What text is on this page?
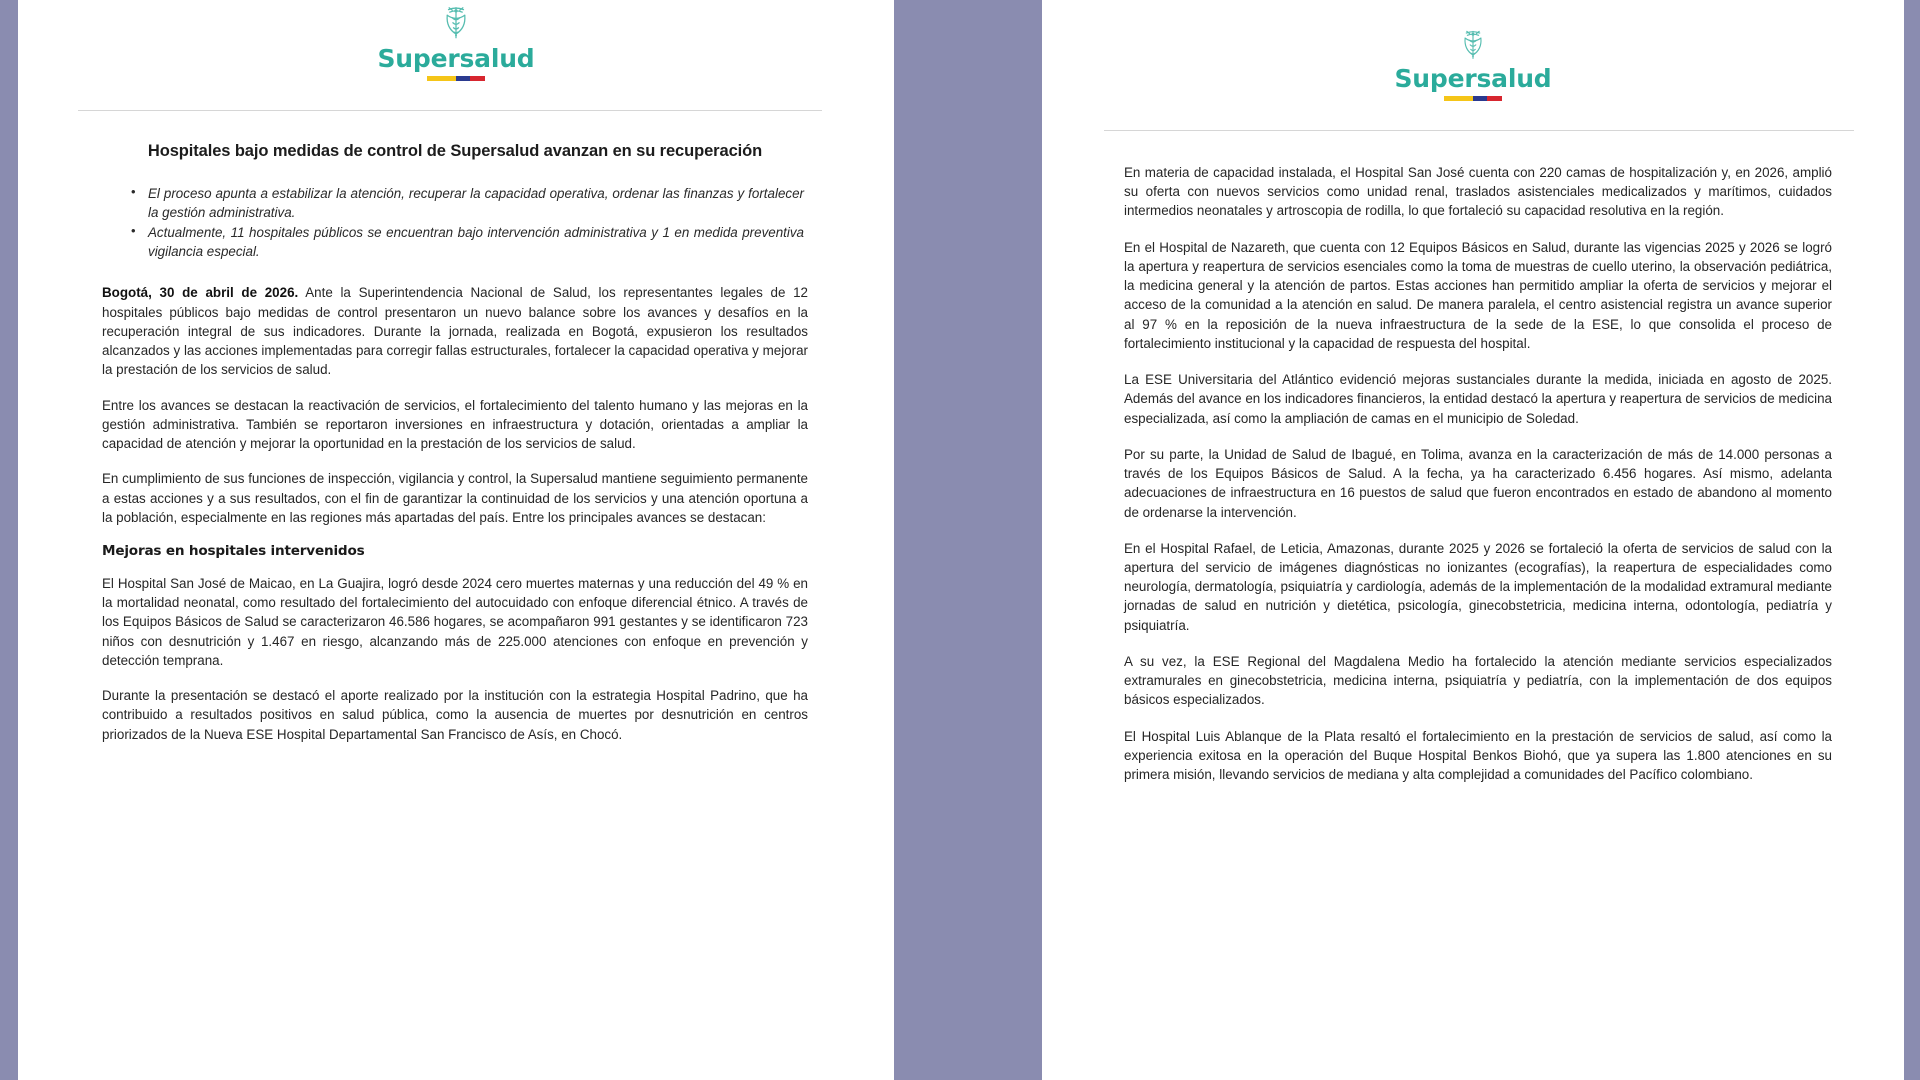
Supersalud
Hospitales bajo medidas de control de Supersalud avanzan en su recuperación
• El proceso apunta a estabilizar la atención, recuperar la capacidad operativa, ordenar las finanzas y fortalecer la gestión administrativa.
• Actualmente, 11 hospitales públicos se encuentran bajo intervención administrativa y 1 en medida preventiva vigilancia especial.

Bogotá, 30 de abril de 2026. Ante la Superintendencia Nacional de Salud, los representantes legales de 12 hospitales públicos bajo medidas de control presentaron un nuevo balance sobre los avances y desafíos en la recuperación integral de sus indicadores. Durante la jornada, realizada en Bogotá, expusieron los resultados alcanzados y las acciones implementadas para corregir fallas estructurales, fortalecer la capacidad operativa y mejorar la prestación de los servicios de salud.

Entre los avances se destacan la reactivación de servicios, el fortalecimiento del talento humano y las mejoras en la gestión administrativa. También se reportaron inversiones en infraestructura y dotación, orientadas a ampliar la capacidad de atención y mejorar la oportunidad en la prestación de los servicios de salud.

En cumplimiento de sus funciones de inspección, vigilancia y control, la Supersalud mantiene seguimiento permanente a estas acciones y a sus resultados, con el fin de garantizar la continuidad de los servicios y una atención oportuna a la población, especialmente en las regiones más apartadas del país. Entre los principales avances se destacan:

Mejoras en hospitales intervenidos

El Hospital San José de Maicao, en La Guajira, logró desde 2024 cero muertes maternas y una reducción del 49 % en la mortalidad neonatal, como resultado del fortalecimiento del autocuidado con enfoque diferencial étnico. A través de los Equipos Básicos de Salud se caracterizaron 46.586 hogares, se acompañaron 991 gestantes y se identificaron 723 niños con desnutrición y 1.467 en riesgo, alcanzando más de 225.000 atenciones con enfoque en prevención y detección temprana.

Durante la presentación se destacó el aporte realizado por la institución con la estrategia Hospital Padrino, que ha contribuido a resultados positivos en salud pública, como la ausencia de muertes por desnutrición en centros priorizados de la Nueva ESE Hospital Departamental San Francisco de Asís, en Chocó.

Supersalud

En materia de capacidad instalada, el Hospital San José cuenta con 220 camas de hospitalización y, en 2026, amplió su oferta con nuevos servicios como unidad renal, traslados asistenciales medicalizados y marítimos, cuidados intermedios neonatales y artroscopia de rodilla, lo que fortaleció su capacidad resolutiva en la región.

En el Hospital de Nazareth, que cuenta con 12 Equipos Básicos en Salud, durante las vigencias 2025 y 2026 se logró la apertura y reapertura de servicios esenciales como la toma de muestras de cuello uterino, la observación pediátrica, la medicina general y la atención de partos. Estas acciones han permitido ampliar la oferta de servicios y mejorar el acceso de la comunidad a la atención en salud. De manera paralela, el centro asistencial registra un avance superior al 97 % en la reposición de la nueva infraestructura de la sede de la ESE, lo que consolida el proceso de fortalecimiento institucional y la capacidad de respuesta del hospital.

La ESE Universitaria del Atlántico evidenció mejoras sustanciales durante la medida, iniciada en agosto de 2025. Además del avance en los indicadores financieros, la entidad destacó la apertura y reapertura de servicios de medicina especializada, así como la ampliación de camas en el municipio de Soledad.

Por su parte, la Unidad de Salud de Ibagué, en Tolima, avanza en la caracterización de más de 14.000 personas a través de los Equipos Básicos de Salud. A la fecha, ya ha caracterizado 6.456 hogares. Así mismo, adelanta adecuaciones de infraestructura en 16 puestos de salud que fueron encontrados en estado de abandono al momento de ordenarse la intervención.

En el Hospital Rafael, de Leticia, Amazonas, durante 2025 y 2026 se fortaleció la oferta de servicios de salud con la apertura del servicio de imágenes diagnósticas no ionizantes (ecografías), la reapertura de especialidades como neurología, dermatología, psiquiatría y cardiología, además de la implementación de la modalidad extramural mediante jornadas de salud en nutrición y dietética, psicología, ginecobstetricia, medicina interna, odontología, pediatría y psiquiatría.

A su vez, la ESE Regional del Magdalena Medio ha fortalecido la atención mediante servicios especializados extramurales en ginecobstetricia, medicina interna, psiquiatría y pediatría, con la implementación de dos equipos básicos especializados.

El Hospital Luis Ablanque de la Plata resaltó el fortalecimiento en la prestación de servicios de salud, así como la experiencia exitosa en la operación del Buque Hospital Benkos Biohó, que ya supera las 1.800 atenciones en su primera misión, llevando servicios de mediana y alta complejidad a comunidades del Pacífico colombiano.
